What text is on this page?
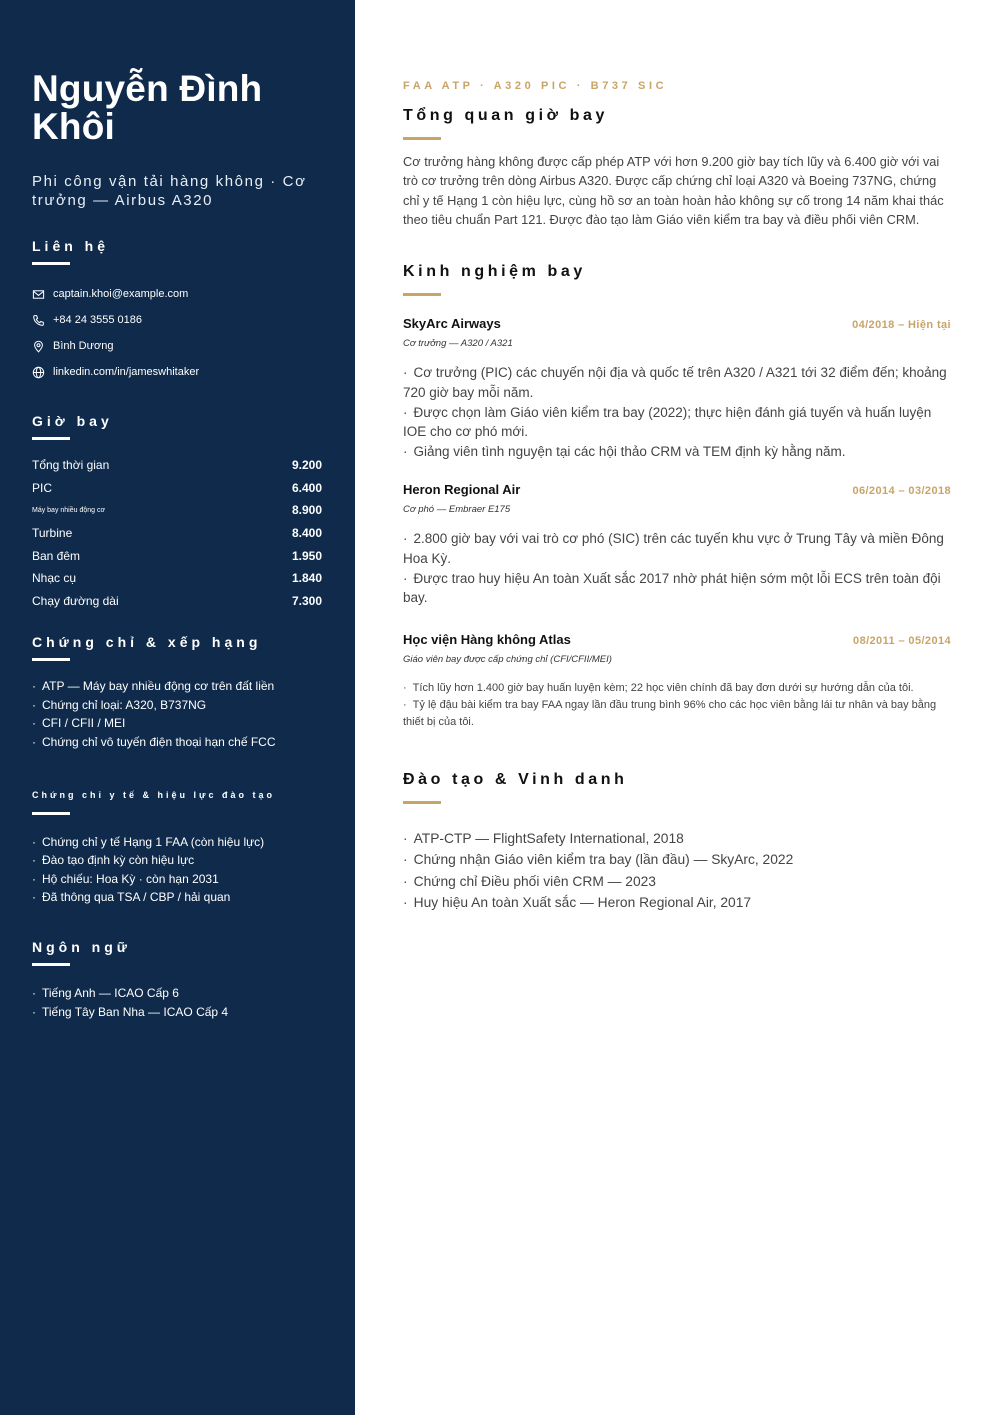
Nguyễn Đình Khôi

Phi công vận tải hàng không · Cơ trưởng — Airbus A320

Liên hệ
captain.khoi@example.com
+84 24 3555 0186
Bình Dương
linkedin.com/in/jameswhitaker
Giờ bay
Tổng thời gian	9.200
PIC	6.400
Máy bay nhiều động cơ	8.900
Turbine	8.400
Ban đêm	1.950
Nhạc cụ	1.840
Chạy đường dài	7.300
Chứng chỉ & xếp hạng
· ATP — Máy bay nhiều động cơ trên đất liền
· Chứng chỉ loại: A320, B737NG
· CFI / CFII / MEI
· Chứng chỉ vô tuyến điện thoại hạn chế FCC
Chứng chỉ y tế & hiệu lực đào tạo
· Chứng chỉ y tế Hạng 1 FAA (còn hiệu lực)
· Đào tạo định kỳ còn hiệu lực
· Hộ chiếu: Hoa Kỳ · còn hạn 2031
· Đã thông qua TSA / CBP / hải quan
Ngôn ngữ
· Tiếng Anh — ICAO Cấp 6
· Tiếng Tây Ban Nha — ICAO Cấp 4
FAA ATP · A320 PIC · B737 SIC
Tổng quan giờ bay

Cơ trưởng hàng không được cấp phép ATP với hơn 9.200 giờ bay tích lũy và 6.400 giờ với vai trò cơ trưởng trên dòng Airbus A320. Được cấp chứng chỉ loại A320 và Boeing 737NG, chứng chỉ y tế Hạng 1 còn hiệu lực, cùng hồ sơ an toàn hoàn hảo không sự cố trong 14 năm khai thác theo tiêu chuẩn Part 121. Được đào tạo làm Giáo viên kiểm tra bay và điều phối viên CRM.

Kinh nghiệm bay
SkyArc Airways	04/2018 – Hiện tại
Cơ trưởng — A320 / A321
· Cơ trưởng (PIC) các chuyến nội địa và quốc tế trên A320 / A321 tới 32 điểm đến; khoảng 720 giờ bay mỗi năm.
· Được chọn làm Giáo viên kiểm tra bay (2022); thực hiện đánh giá tuyến và huấn luyện IOE cho cơ phó mới.
· Giảng viên tình nguyện tại các hội thảo CRM và TEM định kỳ hằng năm.
Heron Regional Air	06/2014 – 03/2018
Cơ phó — Embraer E175
· 2.800 giờ bay với vai trò cơ phó (SIC) trên các tuyến khu vực ở Trung Tây và miền Đông Hoa Kỳ.
· Được trao huy hiệu An toàn Xuất sắc 2017 nhờ phát hiện sớm một lỗi ECS trên toàn đội bay.
Học viện Hàng không Atlas	08/2011 – 05/2014
Giáo viên bay được cấp chứng chỉ (CFI/CFII/MEI)
· Tích lũy hơn 1.400 giờ bay huấn luyện kèm; 22 học viên chính đã bay đơn dưới sự hướng dẫn của tôi.
· Tỷ lệ đậu bài kiểm tra bay FAA ngay lần đầu trung bình 96% cho các học viên bằng lái tư nhân và bay bằng thiết bị của tôi.
Đào tạo & Vinh danh
· ATP-CTP — FlightSafety International, 2018
· Chứng nhận Giáo viên kiểm tra bay (lần đầu) — SkyArc, 2022
· Chứng chỉ Điều phối viên CRM — 2023
· Huy hiệu An toàn Xuất sắc — Heron Regional Air, 2017
